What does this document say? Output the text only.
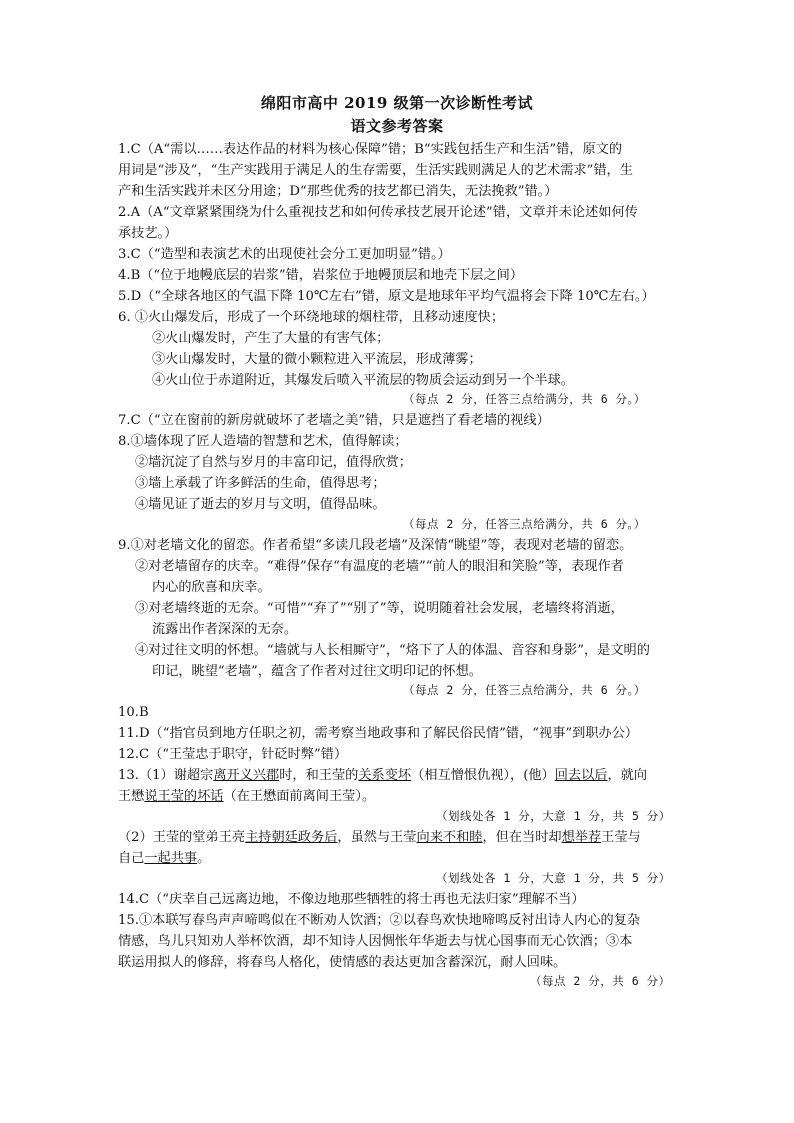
绵阳市高中 2019 级第一次诊断性考试
语文参考答案
1.C（A“需以……表达作品的材料为核心保障”错；B“实践包括生产和生活”错，原文的
用词是“涉及”，“生产实践用于满足人的生存需要，生活实践则满足人的艺术需求”错，生
产和生活实践并未区分用途；D“那些优秀的技艺都已消失，无法挽救”错。）
2.A（A“文章紧紧围绕为什么重视技艺和如何传承技艺展开论述”错，文章并未论述如何传
承技艺。）
3.C（“造型和表演艺术的出现使社会分工更加明显”错。）
4.B（“位于地幔底层的岩浆”错，岩浆位于地幔顶层和地壳下层之间）
5.D（“全球各地区的气温下降 10℃左右”错，原文是地球年平均气温将会下降 10℃左右。）
6. ①火山爆发后，形成了一个环绕地球的烟柱带，且移动速度快；
②火山爆发时，产生了大量的有害气体；
③火山爆发时，大量的微小颗粒进入平流层，形成薄雾；
④火山位于赤道附近，其爆发后喷入平流层的物质会运动到另一个半球。
（每点 2 分，任答三点给满分，共 6 分。）
7.C（“立在窗前的新房就破坏了老墙之美”错，只是遮挡了看老墙的视线）
8.①墙体现了匠人造墙的智慧和艺术，值得解读；
②墙沉淀了自然与岁月的丰富印记，值得欣赏；
③墙上承载了许多鲜活的生命，值得思考；
④墙见证了逝去的岁月与文明，值得品味。
（每点 2 分，任答三点给满分，共 6 分。）
9.①对老墙文化的留恋。作者希望“多读几段老墙”及深情“眺望”等，表现对老墙的留恋。
②对老墙留存的庆幸。“难得”保存“有温度的老墙”“前人的眼泪和笑脸”等，表现作者
内心的欣喜和庆幸。
③对老墙终逝的无奈。“可惜”“弃了”“别了”等，说明随着社会发展，老墙终将消逝，
流露出作者深深的无奈。
④对过往文明的怀想。“墙就与人长相厮守”，“烙下了人的体温、音容和身影”，是文明的
印记，眺望“老墙”，蕴含了作者对过往文明印记的怀想。
（每点 2 分，任答三点给满分，共 6 分。）
10.B
11.D（“指官员到地方任职之初，需考察当地政事和了解民俗民情”错，“视事”到职办公）
12.C（“王莹忠于职守，针砭时弊”错）
13.（1）谢超宗离开义兴郡时，和王莹的关系变坏（相互憎恨仇视），(他）回去以后，就向
王懋说王莹的坏话（在王懋面前离间王莹）。
（划线处各 1 分，大意 1 分，共 5 分）
（2）王莹的堂弟王亮主持朝廷政务后，虽然与王莹向来不和睦，但在当时却想举荐王莹与
自己一起共事。
（划线处各 1 分，大意 1 分，共 5 分）
14.C（“庆幸自己远离边地，不像边地那些牺牲的将士再也无法归家”理解不当）
15.①本联写春鸟声声啼鸣似在不断劝人饮酒；②以春鸟欢快地啼鸣反衬出诗人内心的复杂
情感，鸟儿只知劝人举杯饮酒，却不知诗人因惆怅年华逝去与忧心国事而无心饮酒；③本
联运用拟人的修辞，将春鸟人格化，使情感的表达更加含蓄深沉，耐人回味。
（每点 2 分，共 6 分）
